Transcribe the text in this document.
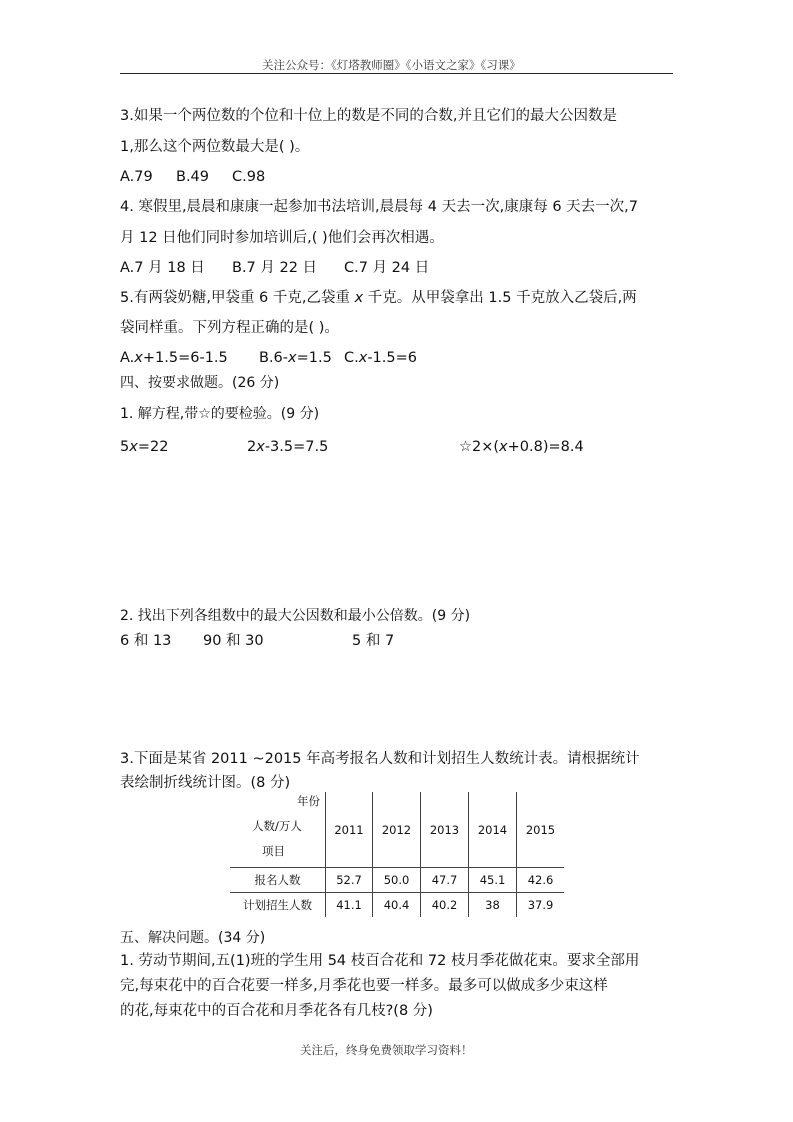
关注公众号：《灯塔教师圈》《小语文之家》《习课》
3.如果一个两位数的个位和十位上的数是不同的合数,并且它们的最大公因数是
1,那么这个两位数最大是( )。
A.79 B.49 C.98
4. 寒假里,晨晨和康康一起参加书法培训,晨晨每 4 天去一次,康康每 6 天去一次,7
月 12 日他们同时参加培训后,( )他们会再次相遇。
A.7 月 18 日 B.7 月 22 日 C.7 月 24 日
5.有两袋奶糖,甲袋重 6 千克,乙袋重 x 千克。从甲袋拿出 1.5 千克放入乙袋后,两
袋同样重。下列方程正确的是( )。
A.x+1.5=6-1.5 B.6-x=1.5 C.x-1.5=6
四、按要求做题。(26 分)
1. 解方程,带☆的要检验。(9 分)
5x=22	2x-3.5=7.5	☆2×(x+0.8)=8.4
2. 找出下列各组数中的最大公因数和最小公倍数。(9 分)
6 和 13 90 和 30	5 和 7
3.下面是某省 2011 ~2015 年高考报名人数和计划招生人数统计表。请根据统计
表绘制折线统计图。(8 分)
年份
人数/万人
项目	2011	2012	2013	2014	2015
报名人数	52.7	50.0	47.7	45.1	42.6
计划招生人数	41.1	40.4	40.2	38	37.9
五、解决问题。(34 分)
1. 劳动节期间,五(1)班的学生用 54 枝百合花和 72 枝月季花做花束。要求全部用
完,每束花中的百合花要一样多,月季花也要一样多。最多可以做成多少束这样
的花,每束花中的百合花和月季花各有几枝?(8 分)
关注后，终身免费领取学习资料！
